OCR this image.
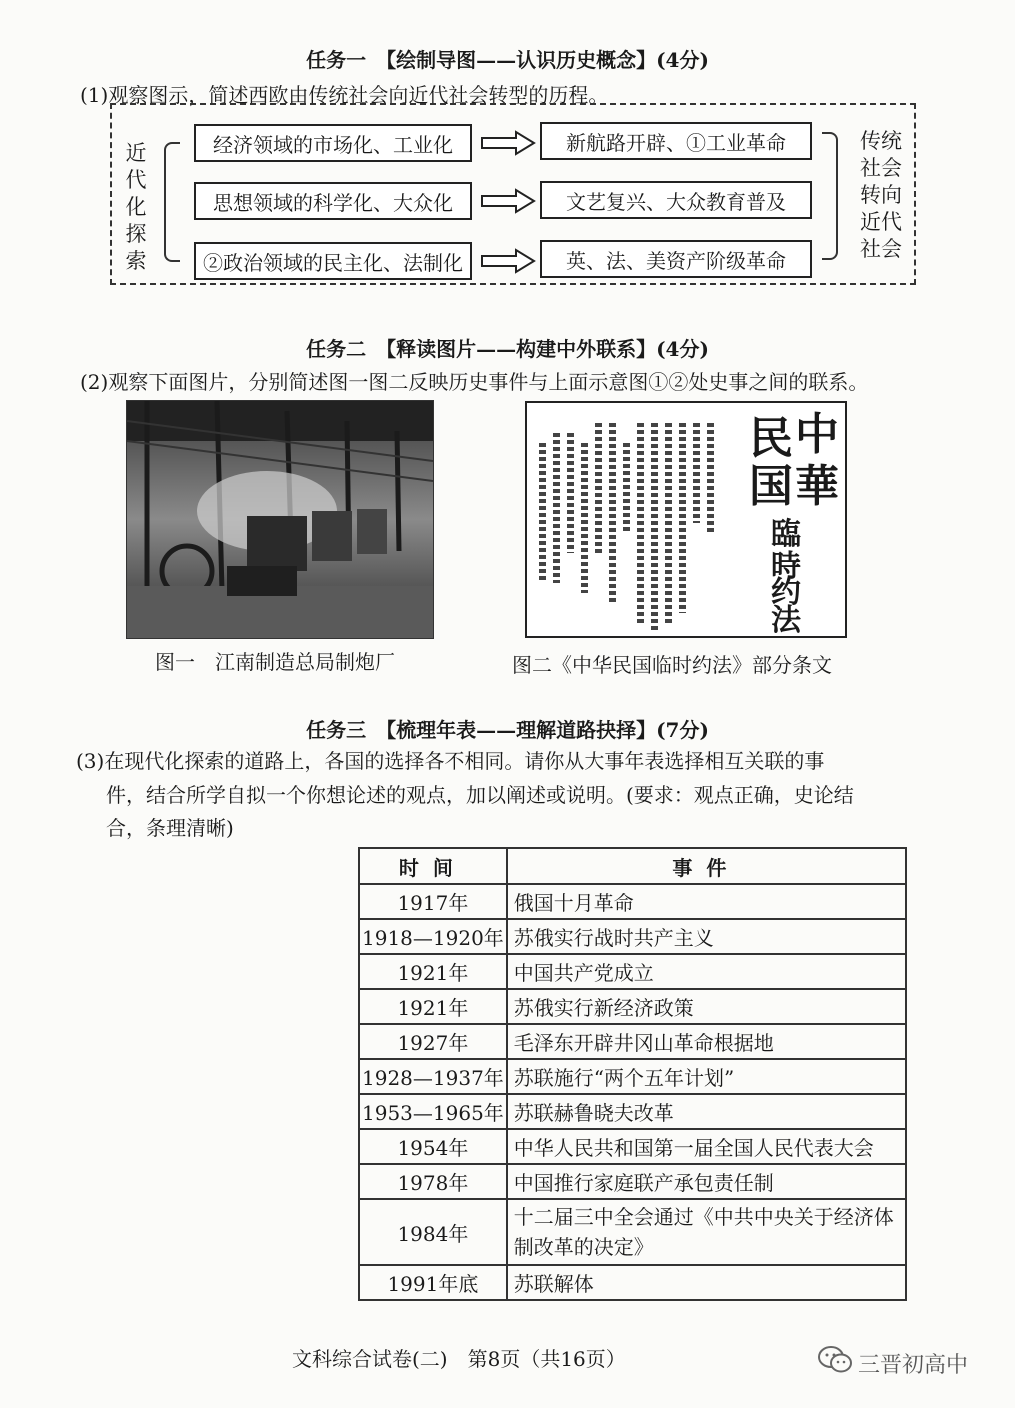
任务一　【绘制导图——认识历史概念】(4分)
(1)观察图示，简述西欧由传统社会向近代社会转型的历程。
近代化探索
经济领域的市场化、工业化
思想领域的科学化、大众化
②政治领域的民主化、法制化
新航路开辟、①工业革命
文艺复兴、大众教育普及
英、法、美资产阶级革命
传统社会转向近代社会
任务二　【释读图片——构建中外联系】(4分)
(2)观察下面图片，分别简述图一图二反映历史事件与上面示意图①②处史事之间的联系。
中
華
民
国
臨
時
约
法
图一　江南制造总局制炮厂	图二《中华民国临时约法》部分条文
任务三　【梳理年表——理解道路抉择】(7分)
(3)在现代化探索的道路上，各国的选择各不相同。请你从大事年表选择相互关联的事
件，结合所学自拟一个你想论述的观点，加以阐述或说明。(要求：观点正确，史论结
合，条理清晰)
时间	事件
1917年	俄国十月革命
1918—1920年	苏俄实行战时共产主义
1921年	中国共产党成立
1921年	苏俄实行新经济政策
1927年	毛泽东开辟井冈山革命根据地
1928—1937年	苏联施行“两个五年计划”
1953—1965年	苏联赫鲁晓夫改革
1954年	中华人民共和国第一届全国人民代表大会
1978年	中国推行家庭联产承包责任制
1984年	十二届三中全会通过《中共中央关于经济体制改革的决定》

1991年底	苏联解体
文科综合试卷(二)　第8页（共16页）	三晋初高中
